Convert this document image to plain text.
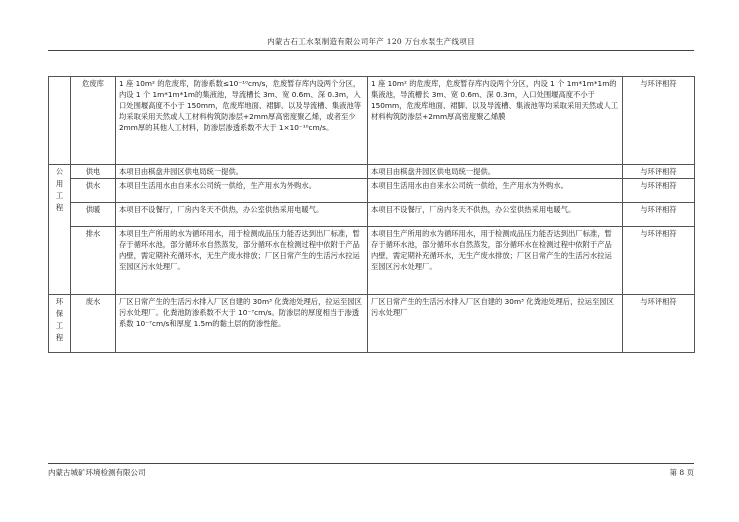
内蒙古石工水泵制造有限公司年产 120 万台水泵生产线项目
	危废库	1 座 10m² 的危废库，防渗系数≤10⁻¹⁰cm/s，危废暂存库内设两个分区，内设 1 个 1m*1m*1m的集液池，导流槽长 3m、宽 0.6m、深 0.3m，入口处围堰高度不小于 150mm，危废库地面、裙脚、以及导流槽、集液池等均采取采用天然或人工材料构筑防渗层+2mm厚高密度聚乙烯，或者至少 2mm厚的其他人工材料，防渗层渗透系数不大于 1×10⁻¹⁰cm/s。	1 座 10m² 的危废库，危废暂存库内设两个分区，内设 1 个 1m*1m*1m的集液池，导流槽长 3m、宽 0.6m、深 0.3m，入口处围堰高度不小于 150mm，危废库地面、裙脚、以及导流槽、集液池等均采取采用天然或人工材料构筑防渗层+2mm厚高密度聚乙烯膜	与环评相符
公用工程	供电	本项目由棋盘井园区供电局统一提供。	本项目由棋盘井园区供电局统一提供。	与环评相符
	供水	本项目生活用水由自来水公司统一供给，生产用水为外购水。	本项目生活用水由自来水公司统一供给，生产用水为外购水。	与环评相符
	供暖	本项目不设餐厅，厂房内冬天不供热，办公室供热采用电暖气。	本项目不设餐厅，厂房内冬天不供热，办公室供热采用电暖气。	与环评相符
	排水	本项目生产所用的水为循环用水，用于检测成品压力能否达到出厂标准，暂存于循环水池，部分循环水自然蒸发，部分循环水在检测过程中依附于产品内壁，需定期补充循环水，无生产废水排放；厂区日常产生的生活污水拉运至园区污水处理厂。	本项目生产所用的水为循环用水，用于检测成品压力能否达到出厂标准，暂存于循环水池，部分循环水自然蒸发，部分循环水在检测过程中依附于产品内壁，需定期补充循环水，无生产废水排放；厂区日常产生的生活污水拉运至园区污水处理厂。	与环评相符
环保工程	废水	厂区日常产生的生活污水排入厂区自建的 30m³ 化粪池处理后，拉运至园区污水处理厂。化粪池防渗系数不大于 10⁻⁷cm/s。防渗层的厚度相当于渗透系数 10⁻⁷cm/s和厚度 1.5m的黏土层的防渗性能。	厂区日常产生的生活污水排入厂区自建的 30m³ 化粪池处理后，拉运至园区污水处理厂	与环评相符
内蒙古城矿环境检测有限公司	第 8 页
